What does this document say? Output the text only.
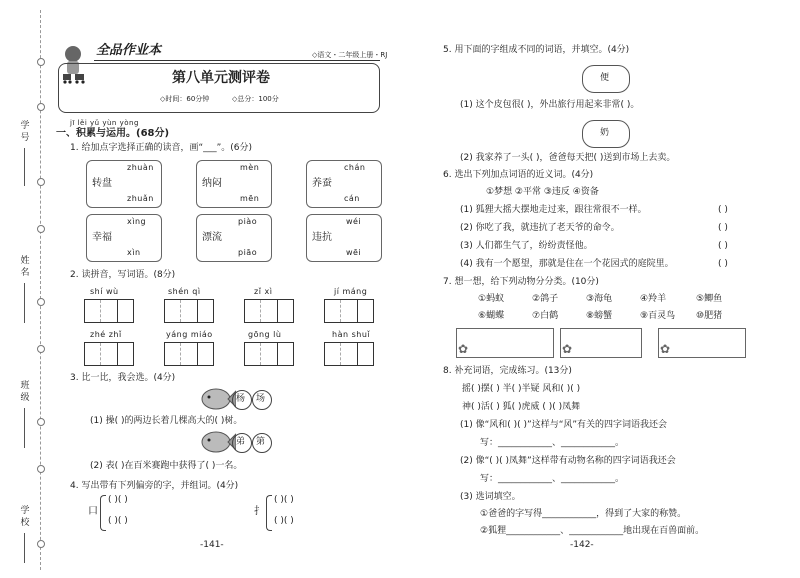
学号
姓名
班级
学校
全品作业本	◇语文・二年级上册・RJ
第八单元测评卷
◇时间：60分钟	◇总分：100分
jī lěi yǔ yùn yòng
一、积累与运用。(68分)
1. 给加点字选择正确的读音，画“___”。(6分)
zhuàn
转盘
zhuǎn
mèn
纳闷
mēn
chán
养蚕
cán
xìng
幸福
xìn
piào
漂流
piāo
wéi
违抗
wēi
2. 读拼音，写词语。(8分)
shí wù	shén qì	zǐ xì	jí máng
zhé zhǐ	yáng miáo	gōng lù	hàn shuǐ
3. 比一比，我会选。(4分)
杨 场
(1) 操( )的两边长着几棵高大的( )树。
弟 第
(2) 表( )在百米赛跑中获得了( )一名。
4. 写出带有下列偏旁的字，并组词。(4分)
口
( )( )
( )( )
扌
( )( )
( )( )
-141-
5. 用下面的字组成不同的词语，并填空。(4分)
便
(1) 这个皮包很( )，外出旅行用起来非常( )。
奶
(2) 我家养了一头( )，爸爸每天把( )送到市场上去卖。
6. 选出下列加点词语的近义词。(4分)
①梦想 ②平常 ③违反 ④资备
(1) 狐狸大摇大摆地走过来，跟往常很不一样。	( )
(2) 你吃了我，就违抗了老天爷的命令。	( )
(3) 人们都生气了，纷纷责怪他。	( )
(4) 我有一个愿望，那就是住在一个花园式的庭院里。	( )
7. 想一想，给下列动物分分类。(10分)
①蚂蚁	②鸽子	③海龟	④羚羊	⑤鲫鱼
⑥蝴蝶	⑦白鹤	⑧螃蟹	⑨百灵鸟 ⑩肥猪
✿	✿	✿
8. 补充词语，完成练习。(13分)
摇( )摆( ) 半( )半疑 风和( )( )
神( )活( ) 狐( )虎威 ( )( )凤舞
(1) 像“风和( )( )”这样与“风”有关的四字词语我还会
写：____________、____________。
(2) 像“( )( )凤舞”这样带有动物名称的四字词语我还会
写：____________、____________。
(3) 选词填空。
①爸爸的字写得____________，得到了大家的称赞。
②狐狸____________、____________地出现在百兽面前。
-142-
